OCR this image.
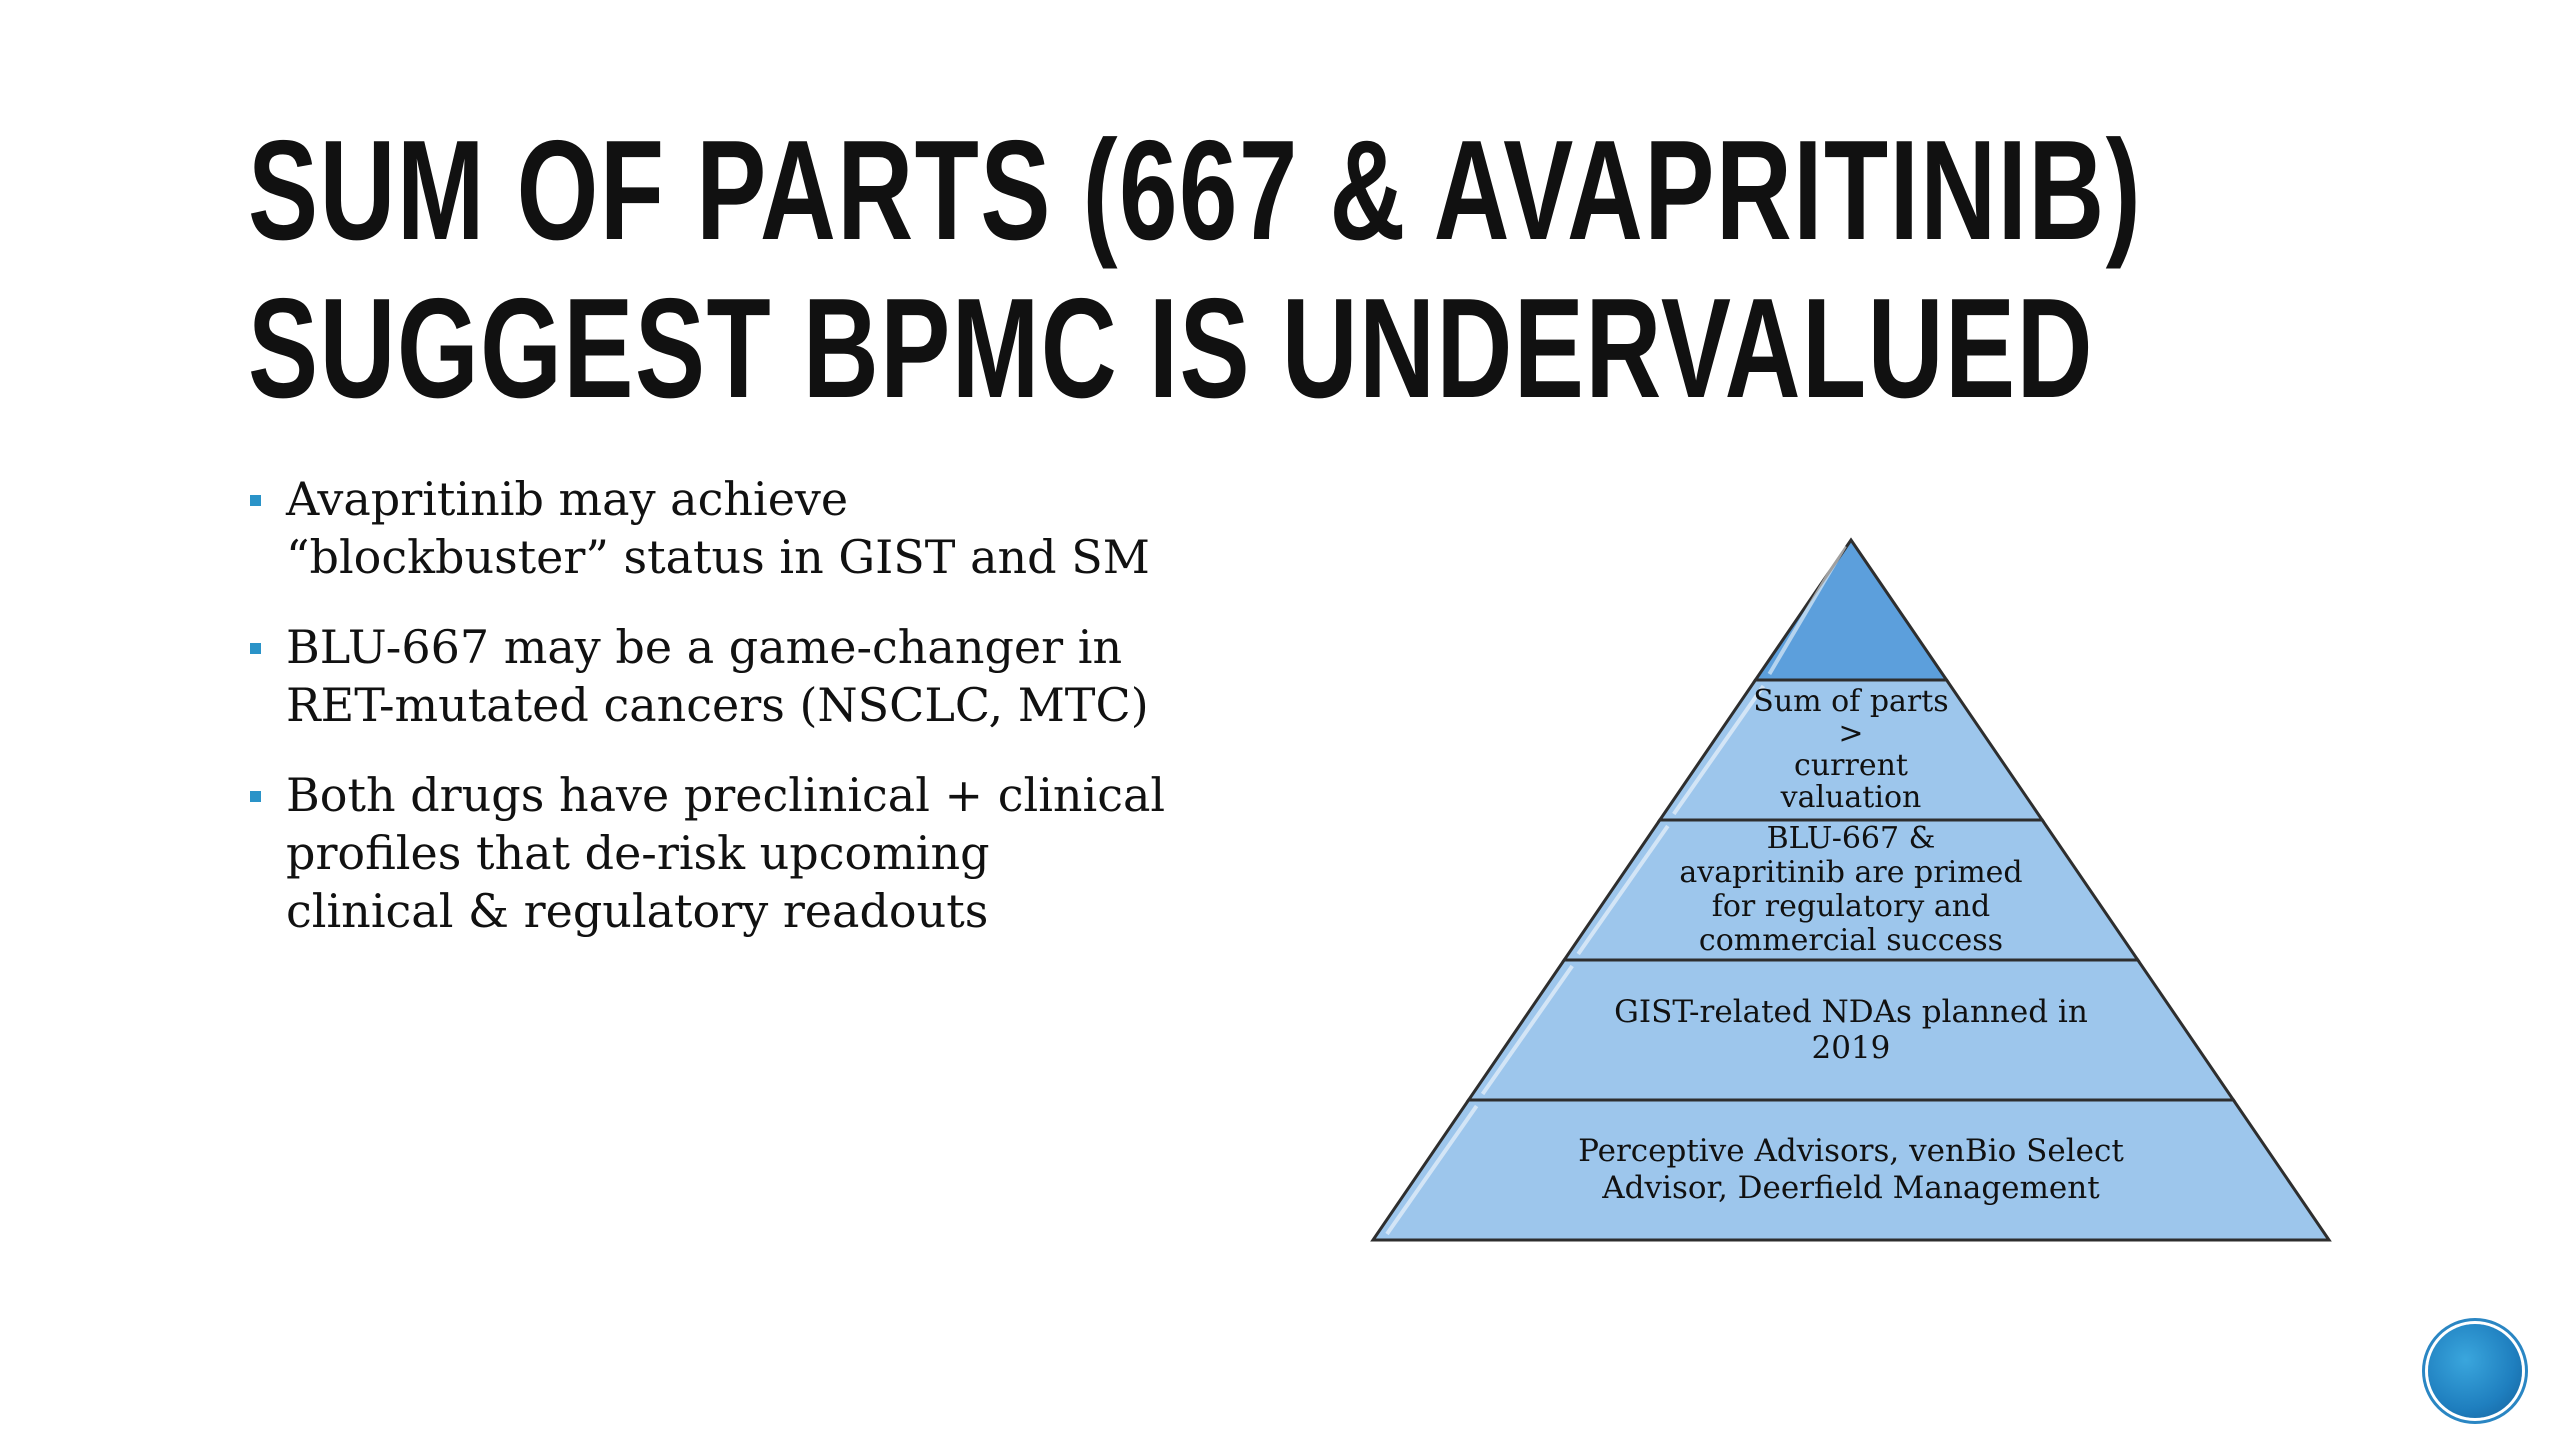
SUM OF PARTS (667 & AVAPRITINIB)
SUGGEST BPMC IS UNDERVALUED
Avapritinib may achieve
“blockbuster” status in GIST and SM
BLU-667 may be a game-changer in
RET-mutated cancers (NSCLC, MTC)
Both drugs have preclinical + clinical
profiles that de-risk upcoming
clinical & regulatory readouts
Sum of parts >
current
valuation
BLU-667 &
avapritinib are primed
for regulatory and
commercial success
GIST-related NDAs planned in
2019
Perceptive Advisors, venBio Select
Advisor, Deerfield Management
